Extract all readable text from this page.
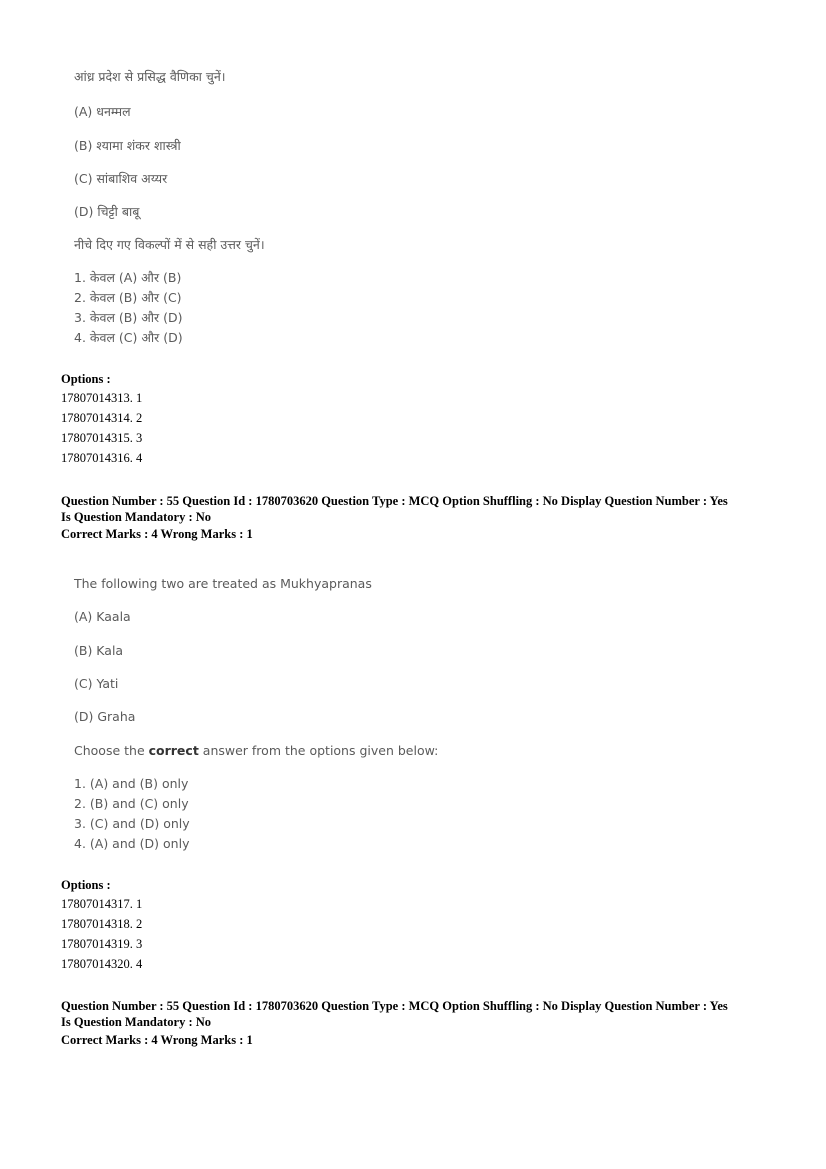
आंध्र प्रदेश से प्रसिद्ध वैणिका चुनें।
(A) धनम्मल
(B) श्यामा शंकर शास्त्री
(C) सांबाशिव अय्यर
(D) चिट्टी बाबू
नीचे दिए गए विकल्पों में से सही उत्तर चुनें।
1. केवल (A) और (B)
2. केवल (B) और (C)
3. केवल (B) और (D)
4. केवल (C) और (D)
Options :
17807014313. 1
17807014314. 2
17807014315. 3
17807014316. 4
Question Number : 55 Question Id : 1780703620 Question Type : MCQ Option Shuffling : No Display Question Number : Yes
Is Question Mandatory : No
Correct Marks : 4 Wrong Marks : 1
The following two are treated as Mukhyapranas
(A) Kaala
(B) Kala
(C) Yati
(D) Graha
Choose the correct answer from the options given below:
1. (A) and (B) only
2. (B) and (C) only
3. (C) and (D) only
4. (A) and (D) only
Options :
17807014317. 1
17807014318. 2
17807014319. 3
17807014320. 4
Question Number : 55 Question Id : 1780703620 Question Type : MCQ Option Shuffling : No Display Question Number : Yes
Is Question Mandatory : No
Correct Marks : 4 Wrong Marks : 1
